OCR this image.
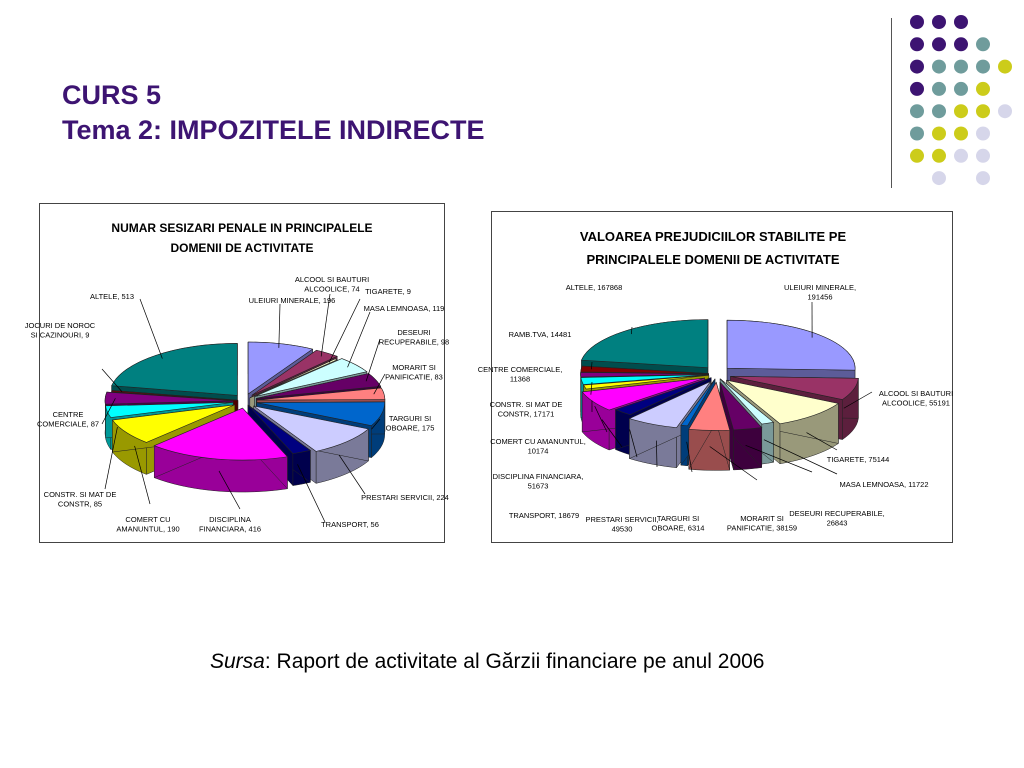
CURS 5
Tema 2: IMPOZITELE INDIRECTE
NUMAR SESIZARI PENALE IN PRINCIPALELE
DOMENII DE ACTIVITATE
ULEIURI MINERALE, 196
ALCOOL SI BAUTURI ALCOOLICE, 74 TIGARETE, 9
MASA LEMNOASA, 119
DESEURI RECUPERABILE, 98
MORARIT SI PANIFICATIE, 83
TARGURI SI OBOARE, 175
PRESTARI SERVICII, 224
TRANSPORT, 56
DISCIPLINA FINANCIARA, 416
COMERT CU AMANUNTUL, 190
CONSTR. SI MAT DE CONSTR, 85
CENTRE COMERCIALE, 87
JOCURI DE NOROC SI CAZINOURI, 9
ALTELE, 513
VALOAREA PREJUDICIILOR STABILITE PE
PRINCIPALELE DOMENII DE ACTIVITATE
ULEIURI MINERALE, 191456
ALCOOL SI BAUTURI ALCOOLICE, 55191
TIGARETE, 75144
MASA LEMNOASA, 11722
DESEURI RECUPERABILE, 26843
MORARIT SI PANIFICATIE, 38159
TARGURI SI OBOARE, 6314
PRESTARI SERVICII, 49530
TRANSPORT, 18679
DISCIPLINA FINANCIARA, 51673
COMERT CU AMANUNTUL, 10174
CONSTR. SI MAT DE CONSTR, 17171
CENTRE COMERCIALE, 11368
RAMB.TVA, 14481
ALTELE, 167868
Sursa: Raport de activitate al Gărzii financiare pe anul 2006
